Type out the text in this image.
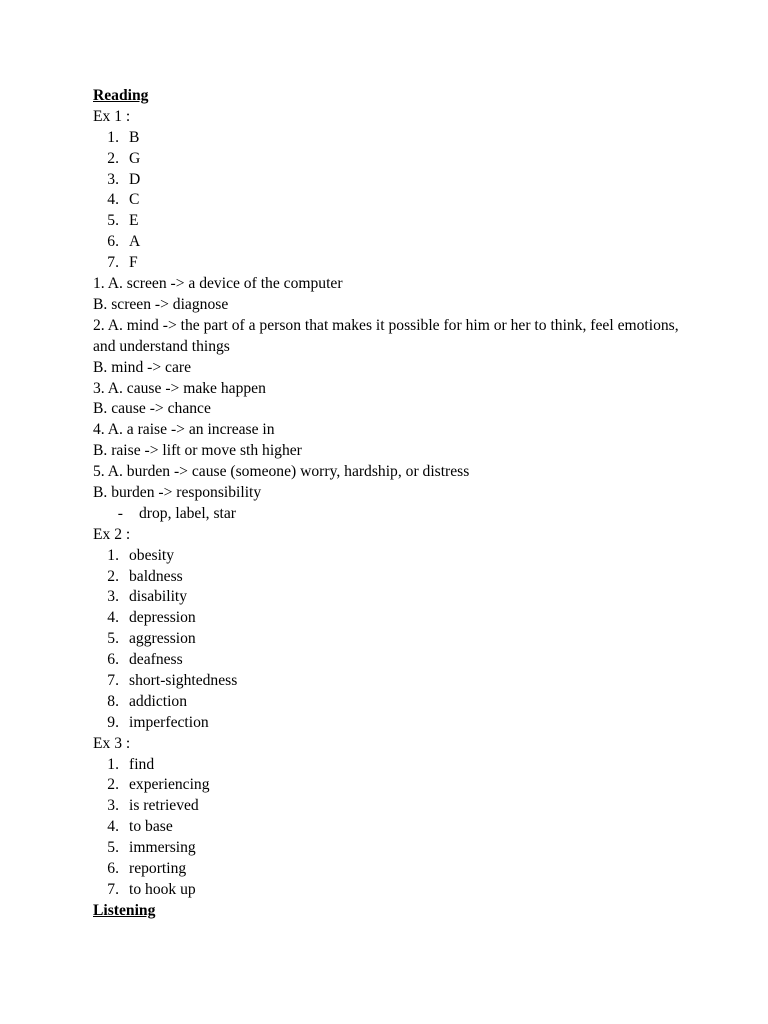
Reading
Ex 1 :
1. B
2. G
3. D
4. C
5. E
6. A
7. F
1. A. screen -> a device of the computer
B. screen -> diagnose
2. A. mind -> the part of a person that makes it possible for him or her to think, feel emotions, and understand things
B. mind -> care
3. A. cause -> make happen
B. cause -> chance
4. A. a raise -> an increase in
B. raise -> lift or move sth higher
5. A. burden -> cause (someone) worry, hardship, or distress
B. burden -> responsibility
-	drop, label, star
Ex 2 :
1. obesity
2. baldness
3. disability
4. depression
5. aggression
6. deafness
7. short-sightedness
8. addiction
9. imperfection
Ex 3 :
1. find
2. experiencing
3. is retrieved
4. to base
5. immersing
6. reporting
7. to hook up
Listening
